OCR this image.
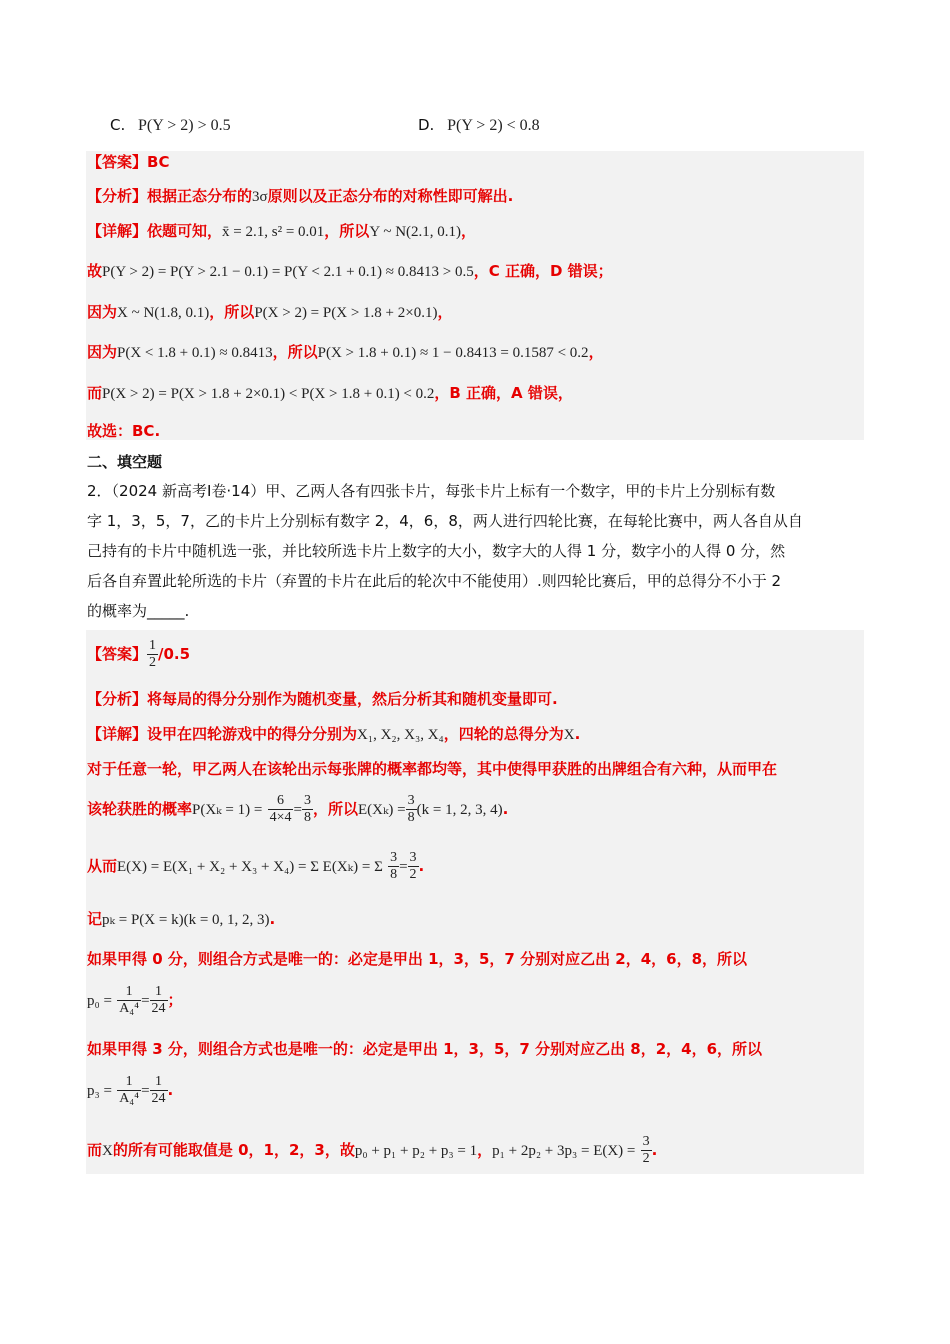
C. P(Y > 2) > 0.5	D. P(Y > 2) < 0.8
【答案】BC
【分析】根据正态分布的3σ原则以及正态分布的对称性即可解出.
【详解】依题可知，x̄ = 2.1, s² = 0.01，所以Y ~ N(2.1, 0.1)，
故P(Y > 2) = P(Y > 2.1 − 0.1) = P(Y < 2.1 + 0.1) ≈ 0.8413 > 0.5，C 正确，D 错误；
因为X ~ N(1.8, 0.1)，所以P(X > 2) = P(X > 1.8 + 2×0.1)，
因为P(X < 1.8 + 0.1) ≈ 0.8413，所以P(X > 1.8 + 0.1) ≈ 1 − 0.8413 = 0.1587 < 0.2，
而P(X > 2) = P(X > 1.8 + 2×0.1) < P(X > 1.8 + 0.1) < 0.2，B 正确，A 错误，
故选：BC.
二、填空题
2．（2024 新高考Ⅰ卷·14）甲、乙两人各有四张卡片，每张卡片上标有一个数字，甲的卡片上分别标有数
字 1，3，5，7，乙的卡片上分别标有数字 2，4，6，8，两人进行四轮比赛，在每轮比赛中，两人各自从自
己持有的卡片中随机选一张，并比较所选卡片上数字的大小，数字大的人得 1 分，数字小的人得 0 分，然
后各自弃置此轮所选的卡片（弃置的卡片在此后的轮次中不能使用）.则四轮比赛后，甲的总得分不小于 2
的概率为_____.
【答案】 $\frac{1}{2} /0.5$
【分析】将每局的得分分别作为随机变量，然后分析其和随机变量即可.
【详解】设甲在四轮游戏中的得分分别为X₁, X₂, X₃, X₄，四轮的总得分为X.
对于任意一轮，甲乙两人在该轮出示每张牌的概率都均等，其中使得甲获胜的出牌组合有六种，从而甲在
该轮获胜的概率$P(X_k = 1) = \frac{6}{4\times 4} = \frac{3}{8}$ ，所以$E(X_k) = \frac{3}{8} (k = 1$, 2, 3, 4).
从而E(X) = E(X₁ + X₂ + X₃ + X₄) = Σ E(Xₖ) = Σ $\frac{3}{8} = \frac{3}{2}$ .
记pₖ = P(X = k)(k = 0, 1, 2, 3).
如果甲得 0 分，则组合方式是唯一的：必定是甲出 1，3，5，7 分别对应乙出 2，4，6，8，所以
$p_0 = \frac{1}{\text{A₄⁴}} = \frac{1}{24}$ ；
如果甲得 3 分，则组合方式也是唯一的：必定是甲出 1，3，5，7 分别对应乙出 8，2，4，6，所以
$p_3 = \frac{1}{\text{A₄⁴}} = \frac{1}{24}$ .
而X的所有可能取值是 0，1，2，3，故p₀ + p₁ + p₂ + p₃ = 1，$p_1 + 2p_2 + 3p_3 = E(X) = \frac{3}{2}$ .
